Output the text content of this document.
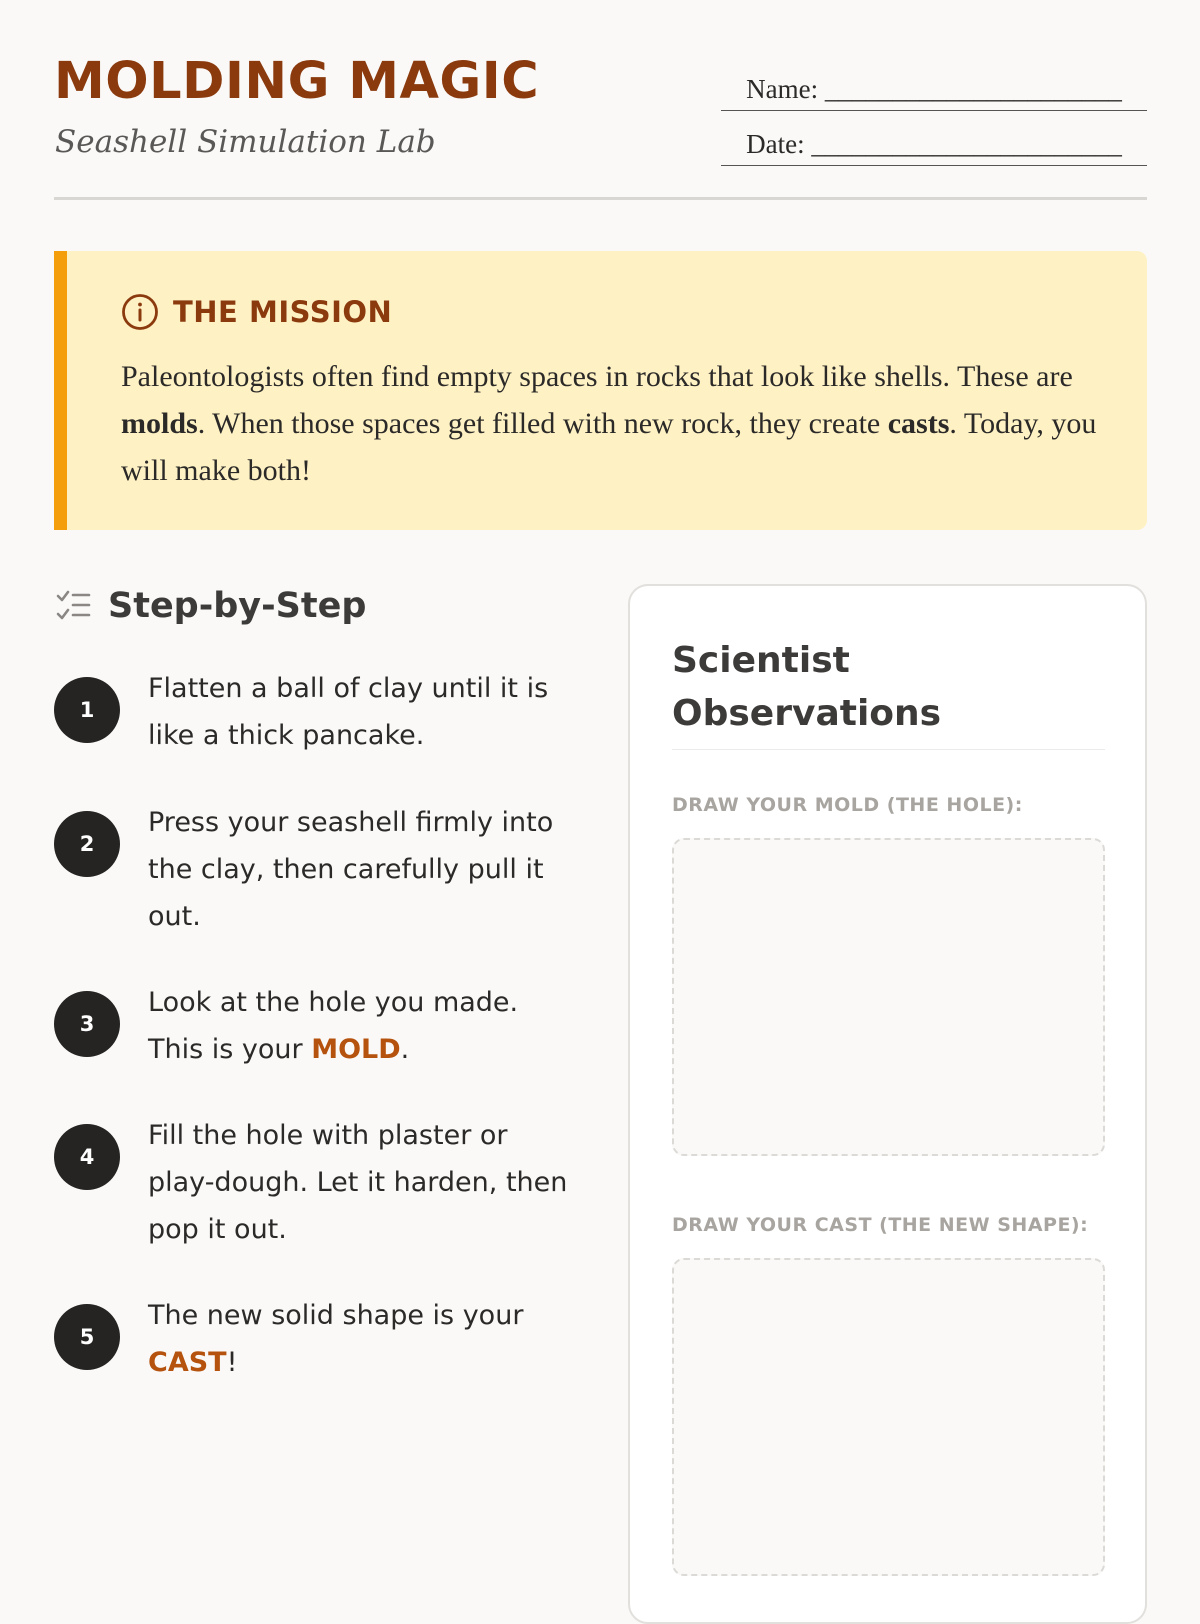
MOLDING MAGIC

Seashell Simulation Lab

Name: ______________________
Date: _______________________
THE MISSION

Paleontologists often find empty spaces in rocks that look like shells. These are molds. When those spaces get filled with new rock, they create casts. Today, you will make both!

Step-by-Step
1

Flatten a ball of clay until it is like a thick pancake.

2

Press your seashell firmly into the clay, then carefully pull it out.

3

Look at the hole you made. This is your MOLD.

4

Fill the hole with plaster or play-dough. Let it harden, then pop it out.

5

The new solid shape is your CAST!

Scientist Observations
DRAW YOUR MOLD (THE HOLE):
DRAW YOUR CAST (THE NEW SHAPE):
